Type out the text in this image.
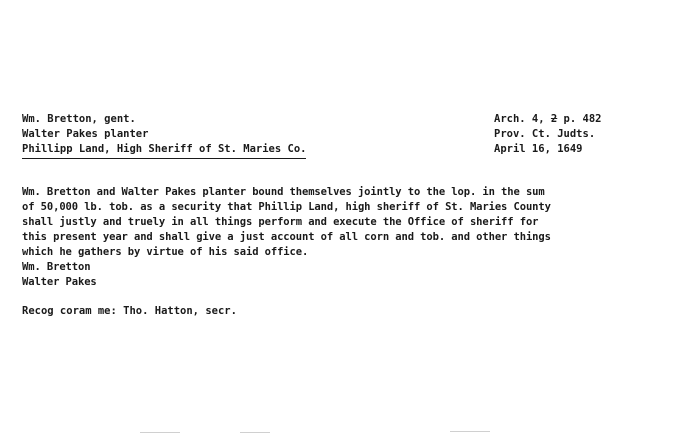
Wm. Bretton, gent.
Walter Pakes planter
Phillipp Land, High Sheriff of St. Maries Co.
Arch. 4, 2 p. 482
Prov. Ct. Judts.
April 16, 1649
Wm. Bretton and Walter Pakes planter bound themselves jointly to the lop. in the sum
of 50,000 lb. tob. as a security that Phillip Land, high sheriff of St. Maries County
shall justly and truely in all things perform and execute the Office of sheriff for
this present year and shall give a just account of all corn and tob. and other things
which he gathers by virtue of his said office.
Wm. Bretton
Walter Pakes
Recog coram me: Tho. Hatton, secr.
